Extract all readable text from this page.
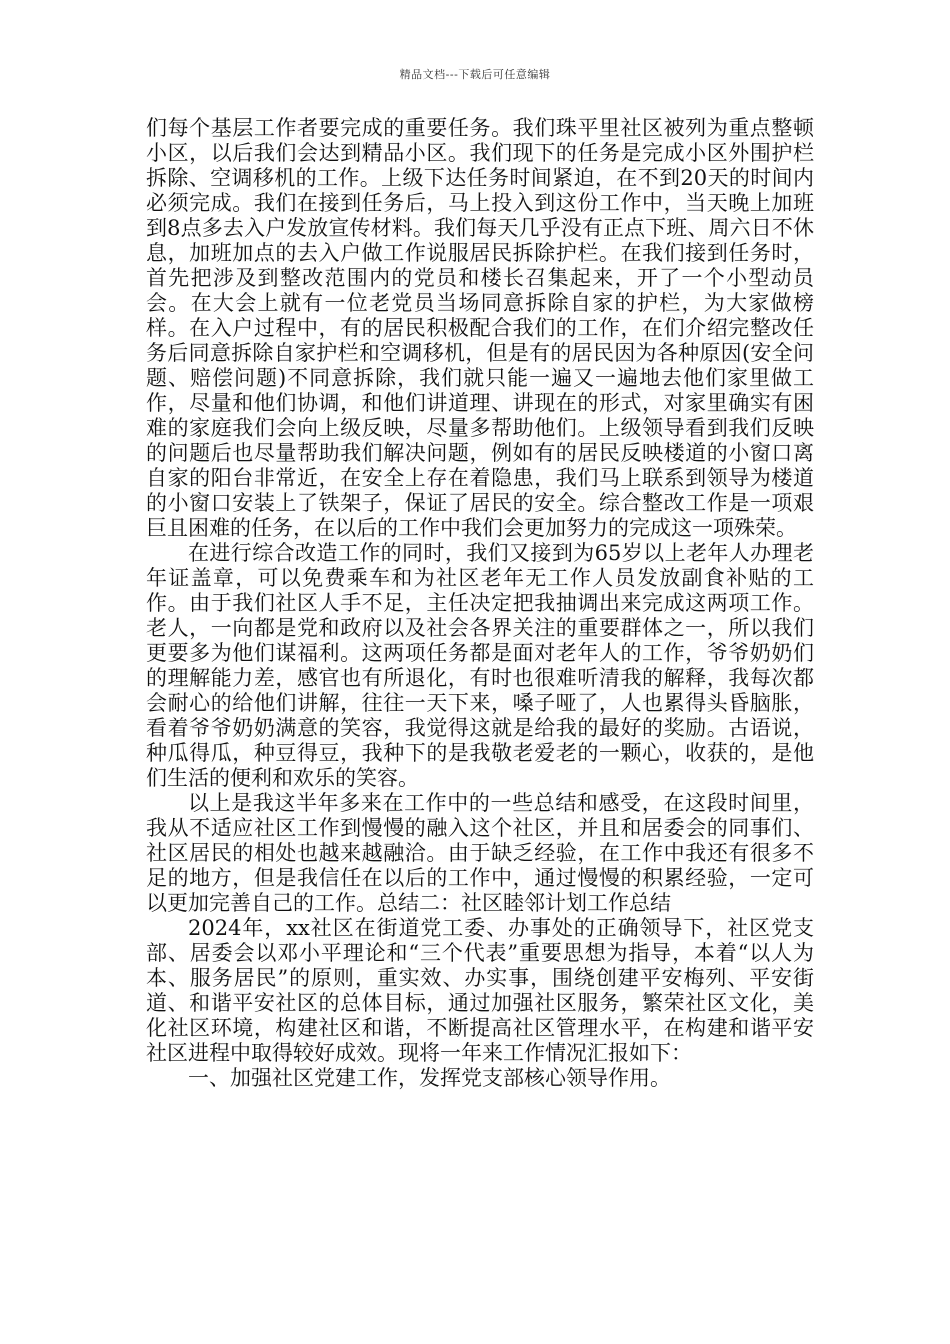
精品文档---下载后可任意编辑

们每个基层工作者要完成的重要任务。我们珠平里社区被列为重点整顿小区，以后我们会达到精品小区。我们现下的任务是完成小区外围护栏拆除、空调移机的工作。上级下达任务时间紧迫，在不到20天的时间内必须完成。我们在接到任务后，马上投入到这份工作中，当天晚上加班到8点多去入户发放宣传材料。我们每天几乎没有正点下班、周六日不休息，加班加点的去入户做工作说服居民拆除护栏。在我们接到任务时，首先把涉及到整改范围内的党员和楼长召集起来，开了一个小型动员会。在大会上就有一位老党员当场同意拆除自家的护栏，为大家做榜样。在入户过程中，有的居民积极配合我们的工作，在们介绍完整改任务后同意拆除自家护栏和空调移机，但是有的居民因为各种原因(安全问题、赔偿问题)不同意拆除，我们就只能一遍又一遍地去他们家里做工作，尽量和他们协调，和他们讲道理、讲现在的形式，对家里确实有困难的家庭我们会向上级反映，尽量多帮助他们。上级领导看到我们反映的问题后也尽量帮助我们解决问题，例如有的居民反映楼道的小窗口离自家的阳台非常近，在安全上存在着隐患，我们马上联系到领导为楼道的小窗口安装上了铁架子，保证了居民的安全。综合整改工作是一项艰巨且困难的任务，在以后的工作中我们会更加努力的完成这一项殊荣。

在进行综合改造工作的同时，我们又接到为65岁以上老年人办理老年证盖章，可以免费乘车和为社区老年无工作人员发放副食补贴的工作。由于我们社区人手不足，主任决定把我抽调出来完成这两项工作。老人，一向都是党和政府以及社会各界关注的重要群体之一，所以我们更要多为他们谋福利。这两项任务都是面对老年人的工作，爷爷奶奶们的理解能力差，感官也有所退化，有时也很难听清我的解释，我每次都会耐心的给他们讲解，往往一天下来，嗓子哑了，人也累得头昏脑胀，看着爷爷奶奶满意的笑容，我觉得这就是给我的最好的奖励。古语说，种瓜得瓜，种豆得豆，我种下的是我敬老爱老的一颗心，收获的，是他们生活的便利和欢乐的笑容。

以上是我这半年多来在工作中的一些总结和感受，在这段时间里，我从不适应社区工作到慢慢的融入这个社区，并且和居委会的同事们、社区居民的相处也越来越融洽。由于缺乏经验，在工作中我还有很多不足的地方，但是我信任在以后的工作中，通过慢慢的积累经验，一定可以更加完善自己的工作。总结二：社区睦邻计划工作总结

2024年，xx社区在街道党工委、办事处的正确领导下，社区党支部、居委会以邓小平理论和“三个代表”重要思想为指导，本着“以人为本、服务居民”的原则，重实效、办实事，围绕创建平安梅列、平安街道、和谐平安社区的总体目标，通过加强社区服务，繁荣社区文化，美化社区环境，构建社区和谐，不断提高社区管理水平，在构建和谐平安社区进程中取得较好成效。现将一年来工作情况汇报如下：

一、加强社区党建工作，发挥党支部核心领导作用。
